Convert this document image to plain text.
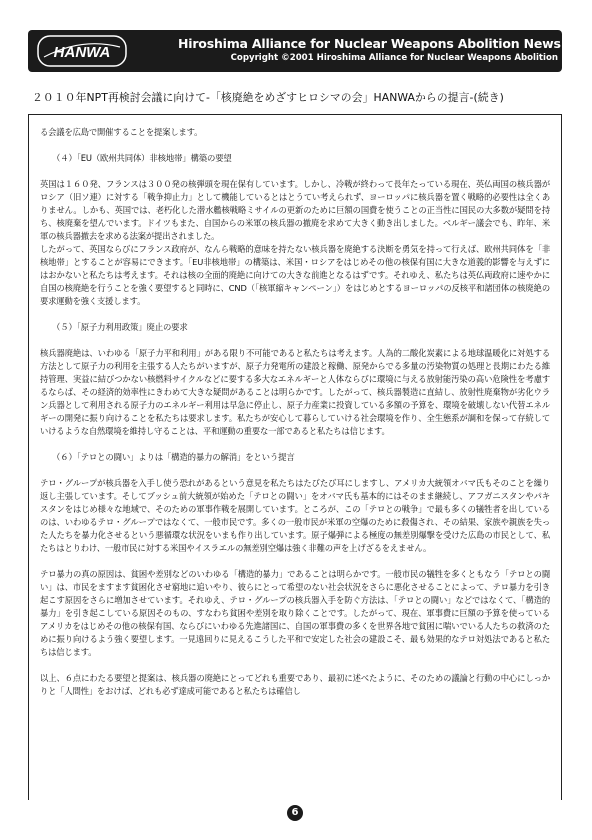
HANWA
Hiroshima Alliance for Nuclear Weapons Abolition News
Copyright ©2001 Hiroshima Alliance for Nuclear Weapons Abolition
２０１０年NPT再検討会議に向けて-「核廃絶をめざすヒロシマの会」HANWAからの提言-(続き)

る会議を広島で開催することを提案します。

（４）「EU（欧州共同体）非核地帯」構築の要望

英国は１６０発、フランスは３００発の核弾頭を現在保有しています。しかし、冷戦が終わって長年たっている現在、英仏両国の核兵器がロシア（旧ソ連）に対する「戦争抑止力」として機能しているとはとうてい考えられず、ヨーロッパに核兵器を置く戦略的必要性は全くありません。しかも、英国では、老朽化した潜水艦核戦略ミサイルの更新のために巨額の国費を使うことの正当性に国民の大多数が疑問を持ち、核廃棄を望んでいます。ドイツもまた、自国からの米軍の核兵器の撤廃を求めて大きく動き出しました。ベルギー議会でも、昨年、米軍の核兵器撤去を求める法案が提出されました。

したがって、英国ならびにフランス政府が、なんら戦略的意味を持たない核兵器を廃絶する決断を勇気を持って行えば、欧州共同体を「非核地帯」とすることが容易にできます。「EU非核地帯」の構築は、米国・ロシアをはじめその他の核保有国に大きな道義的影響を与えずにはおかないと私たちは考えます。それは核の全面的廃絶に向けての大きな前進となるはずです。それゆえ、私たちは英仏両政府に速やかに自国の核廃絶を行うことを強く要望すると同時に、CND（「核軍縮キャンペーン」）をはじめとするヨーロッパの反核平和諸団体の核廃絶の要求運動を強く支援します。

（５）「原子力利用政策」廃止の要求

核兵器廃絶は、いわゆる「原子力平和利用」がある限り不可能であると私たちは考えます。人為的二酸化炭素による地球温暖化に対処する方法として原子力の利用を主張する人たちがいますが、原子力発電所の建設と稼働、原発からでる多量の汚染物質の処理と長期にわたる維持管理、実益に結びつかない核燃料サイクルなどに要する多大なエネルギーと人体ならびに環境に与える放射能汚染の高い危険性を考慮するならば、その経済的効率性にきわめて大きな疑問があることは明らかです。したがって、核兵器製造に直結し、放射性廃棄物が劣化ウラン兵器として利用される原子力のエネルギー利用は早急に停止し、原子力産業に投資している多額の予算を、環境を破壊しない代替エネルギーの開発に振り向けることを私たちは要求します。私たちが安心して暮らしていける社会環境を作り、全生態系が調和を保って存続していけるような自然環境を維持し守ることは、平和運動の重要な一部であると私たちは信じます。

（６）「テロとの闘い」よりは「構造的暴力の解消」をという提言

テロ・グループが核兵器を入手し使う恐れがあるという意見を私たちはたびたび耳にしますし、アメリカ大統領オバマ氏もそのことを繰り返し主張しています。そしてブッシュ前大統領が始めた「テロとの闘い」をオバマ氏も基本的にはそのまま継続し、アフガニスタンやパキスタンをはじめ様々な地域で、そのための軍事作戦を展開しています。ところが、この「テロとの戦争」で最も多くの犠牲者を出しているのは、いわゆるテロ・グループではなくて、一般市民です。多くの一般市民が米軍の空爆のために殺傷され、その結果、家族や親族を失った人たちを暴力化させるという悪循環な状況をいまも作り出しています。原子爆弾による極度の無差別爆撃を受けた広島の市民として、私たちはとりわけ、一般市民に対する米国やイスラエルの無差別空爆は強く非難の声を上げざるをえません。

テロ暴力の真の原因は、貧困や差別などのいわゆる「構造的暴力」であることは明らかです。一般市民の犠牲を多くともなう「テロとの闘い」は、市民をますます貧困化させ窮地に追いやり、彼らにとって希望のない社会状況をさらに悪化させることによって、テロ暴力を引き起こす原因をさらに増加させています。それゆえ、テロ・グループの核兵器入手を防ぐ方法は、「テロとの闘い」などではなくて、「構造的暴力」を引き起こしている原因そのもの、すなわち貧困や差別を取り除くことです。したがって、現在、軍事費に巨額の予算を使っているアメリカをはじめその他の核保有国、ならびにいわゆる先進諸国に、自国の軍事費の多くを世界各地で貧困に喘いでいる人たちの救済のために振り向けるよう強く要望します。一見遠回りに見えるこうした平和で安定した社会の建設こそ、最も効果的なテロ対処法であると私たちは信じます。

以上、６点にわたる要望と提案は、核兵器の廃絶にとってどれも重要であり、最初に述べたように、そのための議論と行動の中心にしっかりと「人間性」をおけば、どれも必ず達成可能であると私たちは確信し

6
